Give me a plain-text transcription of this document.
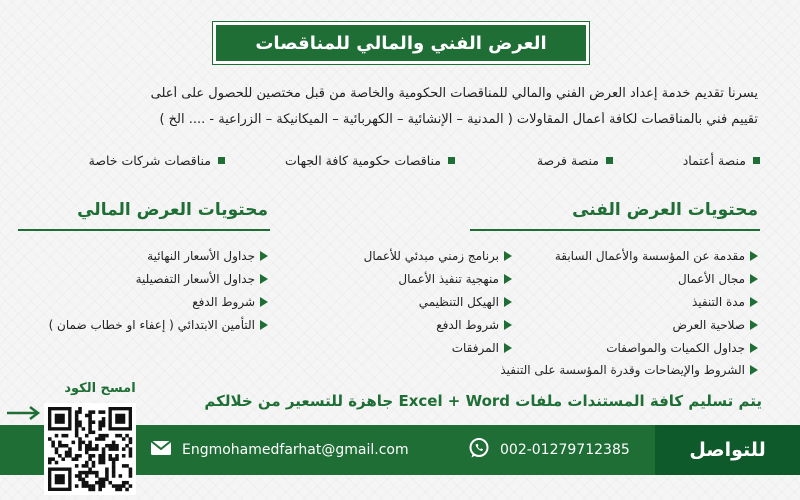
العرض الفني والمالي للمناقصات
يسرنا تقديم خدمة إعداد العرض الفني والمالي للمناقصات الحكومية والخاصة من قبل مختصين للحصول على أعلى
تقييم فني بالمناقصات لكافة أعمال المقاولات ( المدنية – الإنشائية – الكهربائية – الميكانيكة – الزراعية - .... الخ )
منصة أعتماد
منصة فرصة
مناقصات حكومية كافة الجهات
مناقصات شركات خاصة
محتويات العرض الفنى
مقدمة عن المؤسسة والأعمال السابقة
مجال الأعمال
مدة التنفيذ
صلاحية العرض
جداول الكميات والمواصفات
الشروط والإيضاحات وقدرة المؤسسة على التنفيذ
برنامج زمني مبدئي للأعمال
منهجية تنفيذ الأعمال
الهيكل التنظيمي
شروط الدفع
المرفقات
محتويات العرض المالي
جداول الأسعار النهائية
جداول الأسعار التفصيلية
شروط الدفع
التأمين الابتدائي ( إعفاء او خطاب ضمان )
يتم تسليم كافة المستندات ملفات Excel + Word جاهزة للتسعير من خلالكم
امسح الكود
Engmohamedfarhat@gmail.com	002-01279712385	للتواصل
